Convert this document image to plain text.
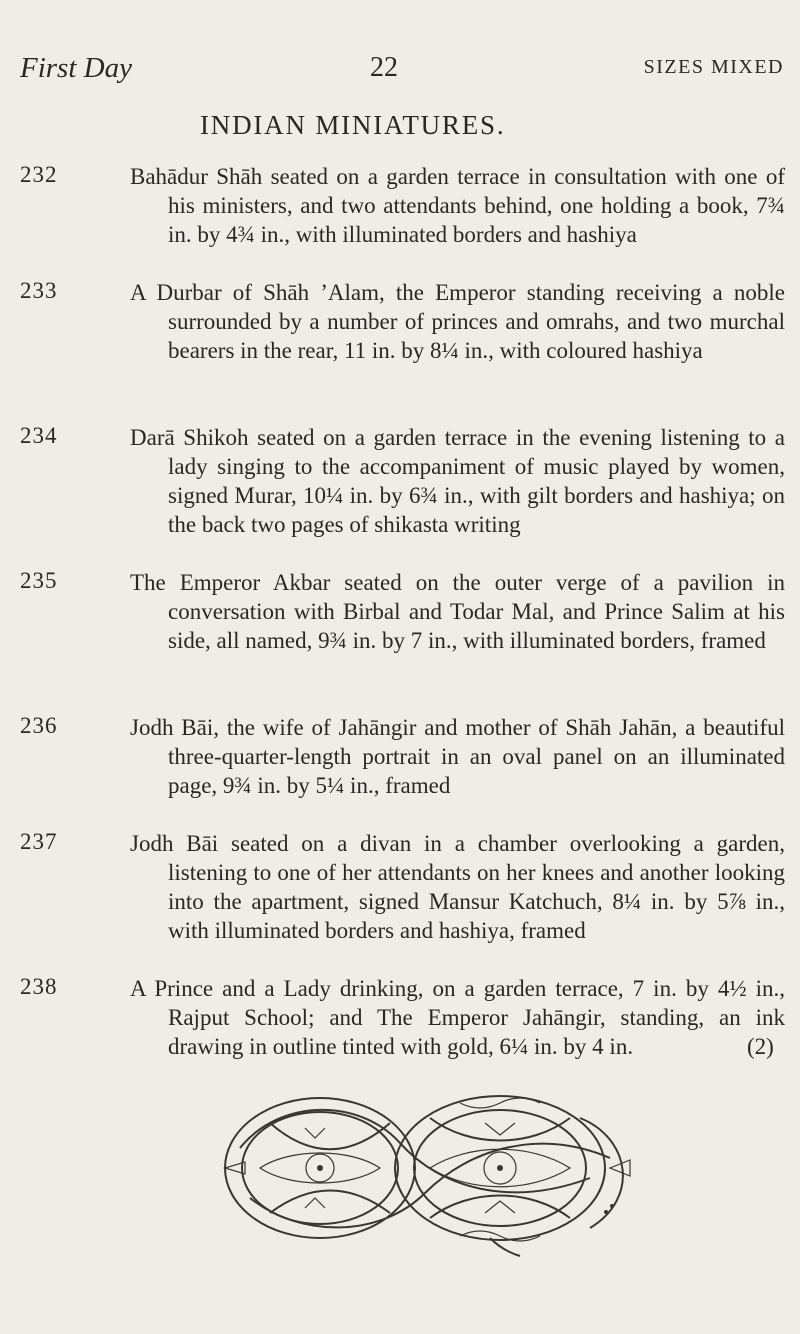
First Day	22	SIZES MIXED
INDIAN MINIATURES.
232	Bahādur Shāh seated on a garden terrace in consultation with one of his ministers, and two attendants behind, one holding a book, 7¾ in. by 4¾ in., with illuminated borders and hashiya
233	A Durbar of Shāh ’Alam, the Emperor standing receiving a noble surrounded by a number of princes and omrahs, and two murchal bearers in the rear, 11 in. by 8¼ in., with coloured hashiya
234	Darā Shikoh seated on a garden terrace in the evening listening to a lady singing to the accompaniment of music played by women, signed Murar, 10¼ in. by 6¾ in., with gilt borders and hashiya; on the back two pages of shikasta writing
235	The Emperor Akbar seated on the outer verge of a pavilion in conversation with Birbal and Todar Mal, and Prince Salim at his side, all named, 9¾ in. by 7 in., with illuminated borders, framed
236	Jodh Bāi, the wife of Jahāngir and mother of Shāh Jahān, a beautiful three-quarter-length portrait in an oval panel on an illuminated page, 9¾ in. by 5¼ in., framed
237	Jodh Bāi seated on a divan in a chamber overlooking a garden, listening to one of her attendants on her knees and another looking into the apartment, signed Mansur Katchuch, 8¼ in. by 5⅞ in., with illuminated borders and hashiya, framed
238	A Prince and a Lady drinking, on a garden terrace, 7 in. by 4½ in., Rajput School; and The Emperor Jahāngir, standing, an ink drawing in outline tinted with gold, 6¼ in. by 4 in.	(2)
